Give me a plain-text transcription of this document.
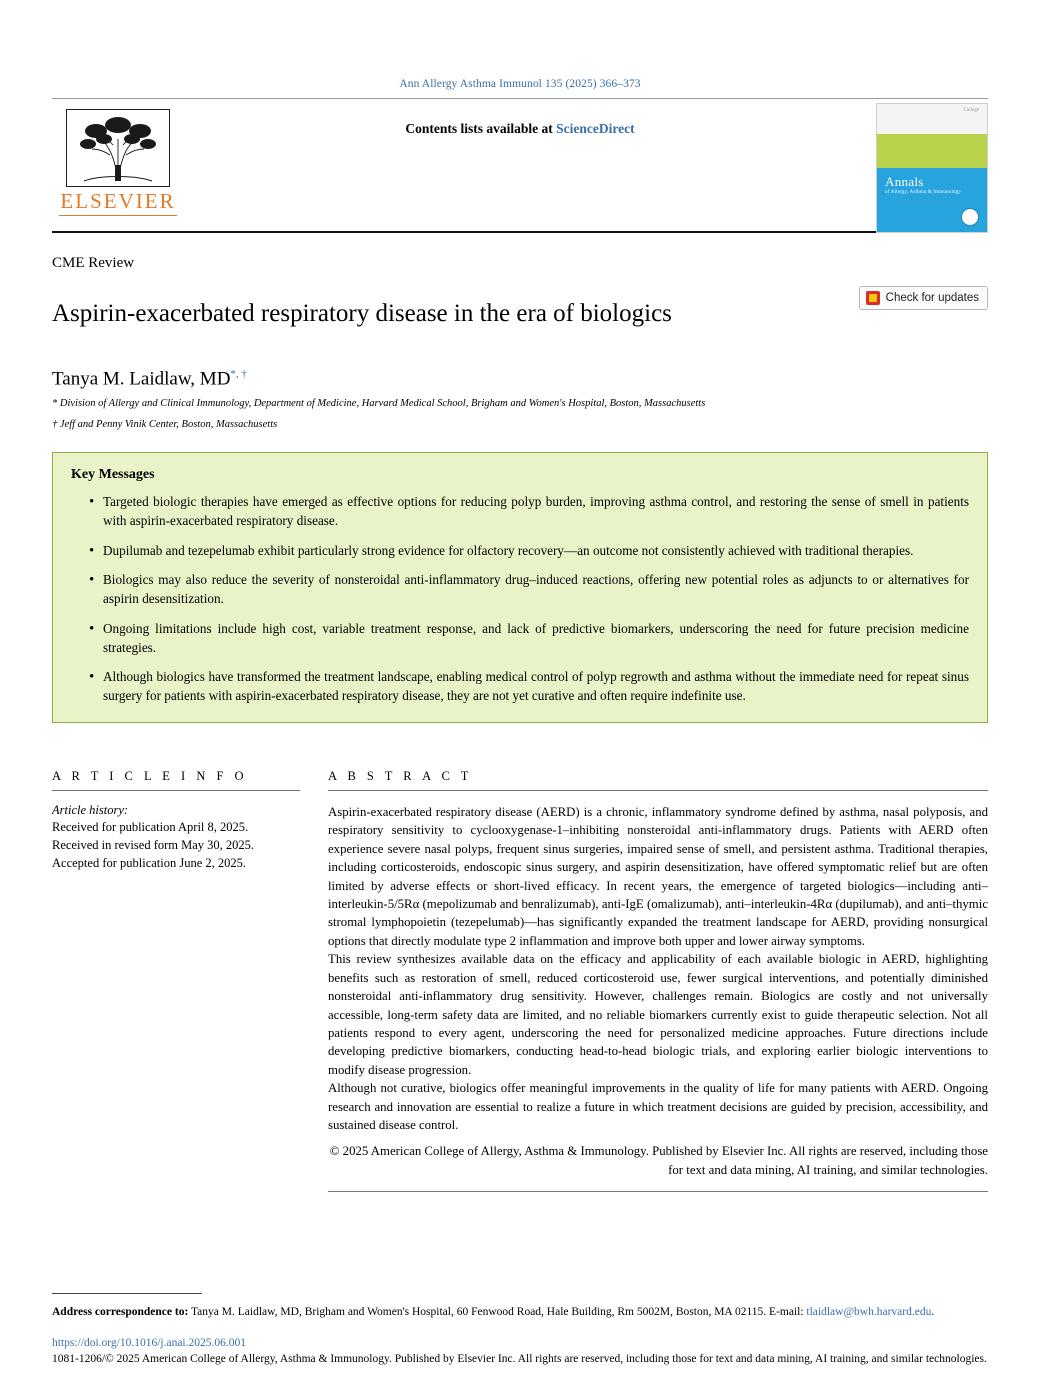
Ann Allergy Asthma Immunol 135 (2025) 366–373
ELSEVIER
Contents lists available at ScienceDirect
College
Annals
of Allergy, Asthma & Immunology
CME Review
Aspirin-exacerbated respiratory disease in the era of biologics
Check for updates
Tanya M. Laidlaw, MD*, †
* Division of Allergy and Clinical Immunology, Department of Medicine, Harvard Medical School, Brigham and Women's Hospital, Boston, Massachusetts
† Jeff and Penny Vinik Center, Boston, Massachusetts
Key Messages
• Targeted biologic therapies have emerged as effective options for reducing polyp burden, improving asthma control, and restoring the sense of smell in patients with aspirin-exacerbated respiratory disease.
• Dupilumab and tezepelumab exhibit particularly strong evidence for olfactory recovery—an outcome not consistently achieved with traditional therapies.
• Biologics may also reduce the severity of nonsteroidal anti-inflammatory drug–induced reactions, offering new potential roles as adjuncts to or alternatives for aspirin desensitization.
• Ongoing limitations include high cost, variable treatment response, and lack of predictive biomarkers, underscoring the need for future precision medicine strategies.
• Although biologics have transformed the treatment landscape, enabling medical control of polyp regrowth and asthma without the immediate need for repeat sinus surgery for patients with aspirin-exacerbated respiratory disease, they are not yet curative and often require indefinite use.
A R T I C L E I N F O
Article history:
Received for publication April 8, 2025.
Received in revised form May 30, 2025.
Accepted for publication June 2, 2025.
A B S T R A C T

Aspirin-exacerbated respiratory disease (AERD) is a chronic, inflammatory syndrome defined by asthma, nasal polyposis, and respiratory sensitivity to cyclooxygenase-1–inhibiting nonsteroidal anti-inflammatory drugs. Patients with AERD often experience severe nasal polyps, frequent sinus surgeries, impaired sense of smell, and persistent asthma. Traditional therapies, including corticosteroids, endoscopic sinus surgery, and aspirin desensitization, have offered symptomatic relief but are often limited by adverse effects or short-lived efficacy. In recent years, the emergence of targeted biologics—including anti–interleukin-5/5Rα (mepolizumab and benralizumab), anti-IgE (omalizumab), anti–interleukin-4Rα (dupilumab), and anti–thymic stromal lymphopoietin (tezepelumab)—has significantly expanded the treatment landscape for AERD, providing nonsurgical options that directly modulate type 2 inflammation and improve both upper and lower airway symptoms.

This review synthesizes available data on the efficacy and applicability of each available biologic in AERD, highlighting benefits such as restoration of smell, reduced corticosteroid use, fewer surgical interventions, and potentially diminished nonsteroidal anti-inflammatory drug sensitivity. However, challenges remain. Biologics are costly and not universally accessible, long-term safety data are limited, and no reliable biomarkers currently exist to guide therapeutic selection. Not all patients respond to every agent, underscoring the need for personalized medicine approaches. Future directions include developing predictive biomarkers, conducting head-to-head biologic trials, and exploring earlier biologic interventions to modify disease progression.

Although not curative, biologics offer meaningful improvements in the quality of life for many patients with AERD. Ongoing research and innovation are essential to realize a future in which treatment decisions are guided by precision, accessibility, and sustained disease control.

© 2025 American College of Allergy, Asthma & Immunology. Published by Elsevier Inc. All rights are reserved, including those for text and data mining, AI training, and similar technologies.
Address correspondence to: Tanya M. Laidlaw, MD, Brigham and Women's Hospital, 60 Fenwood Road, Hale Building, Rm 5002M, Boston, MA 02115. E-mail: tlaidlaw@bwh.harvard.edu.
https://doi.org/10.1016/j.anai.2025.06.001
1081-1206/© 2025 American College of Allergy, Asthma & Immunology. Published by Elsevier Inc. All rights are reserved, including those for text and data mining, AI training, and similar technologies.
